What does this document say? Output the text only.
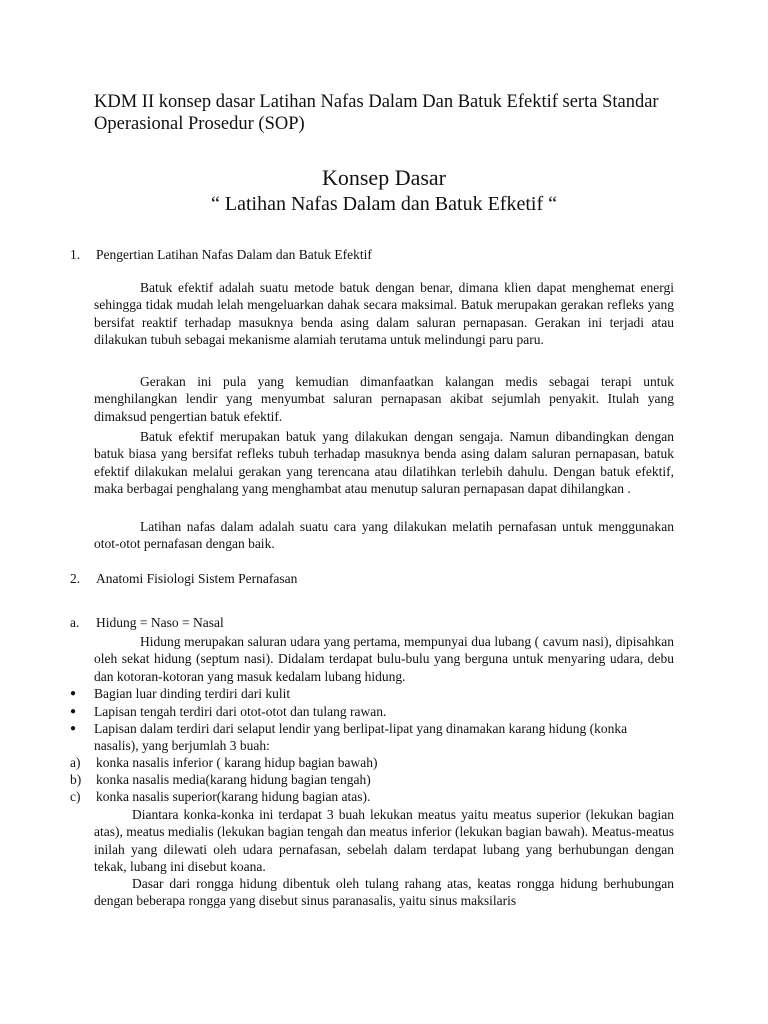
KDM II konsep dasar Latihan Nafas Dalam Dan Batuk Efektif serta Standar Operasional Prosedur (SOP)
Konsep Dasar
“ Latihan Nafas Dalam dan Batuk Efketif “
1. Pengertian Latihan Nafas Dalam dan Batuk Efektif
Batuk efektif adalah suatu metode batuk dengan benar, dimana klien dapat menghemat energi sehingga tidak mudah lelah mengeluarkan dahak secara maksimal. Batuk merupakan gerakan refleks yang bersifat reaktif terhadap masuknya benda asing dalam saluran pernapasan. Gerakan ini terjadi atau dilakukan tubuh sebagai mekanisme alamiah terutama untuk melindungi paru paru.
Gerakan ini pula yang kemudian dimanfaatkan kalangan medis sebagai terapi untuk menghilangkan lendir yang menyumbat saluran pernapasan akibat sejumlah penyakit. Itulah yang dimaksud pengertian batuk efektif.
Batuk efektif merupakan batuk yang dilakukan dengan sengaja. Namun dibandingkan dengan batuk biasa yang bersifat refleks tubuh terhadap masuknya benda asing dalam saluran pernapasan, batuk efektif dilakukan melalui gerakan yang terencana atau dilatihkan terlebih dahulu. Dengan batuk efektif, maka berbagai penghalang yang menghambat atau menutup saluran pernapasan dapat dihilangkan .
Latihan nafas dalam adalah suatu cara yang dilakukan melatih pernafasan untuk menggunakan otot-otot pernafasan dengan baik.
2. Anatomi Fisiologi Sistem Pernafasan
a. Hidung = Naso = Nasal
Hidung merupakan saluran udara yang pertama, mempunyai dua lubang ( cavum nasi), dipisahkan oleh sekat hidung (septum nasi). Didalam terdapat bulu-bulu yang berguna untuk menyaring udara, debu dan kotoran-kotoran yang masuk kedalam lubang hidung.
●	Bagian luar dinding terdiri dari kulit
●	Lapisan tengah terdiri dari otot-otot dan tulang rawan.
●	Lapisan dalam terdiri dari selaput lendir yang berlipat-lipat yang dinamakan karang hidung (konka nasalis), yang berjumlah 3 buah:
a) konka nasalis inferior ( karang hidup bagian bawah)
b) konka nasalis media(karang hidung bagian tengah)
c) konka nasalis superior(karang hidung bagian atas).
Diantara konka-konka ini terdapat 3 buah lekukan meatus yaitu meatus superior (lekukan bagian atas), meatus medialis (lekukan bagian tengah dan meatus inferior (lekukan bagian bawah). Meatus-meatus inilah yang dilewati oleh udara pernafasan, sebelah dalam terdapat lubang yang berhubungan dengan tekak, lubang ini disebut koana.
Dasar dari rongga hidung dibentuk oleh tulang rahang atas, keatas rongga hidung berhubungan dengan beberapa rongga yang disebut sinus paranasalis, yaitu sinus maksilaris
